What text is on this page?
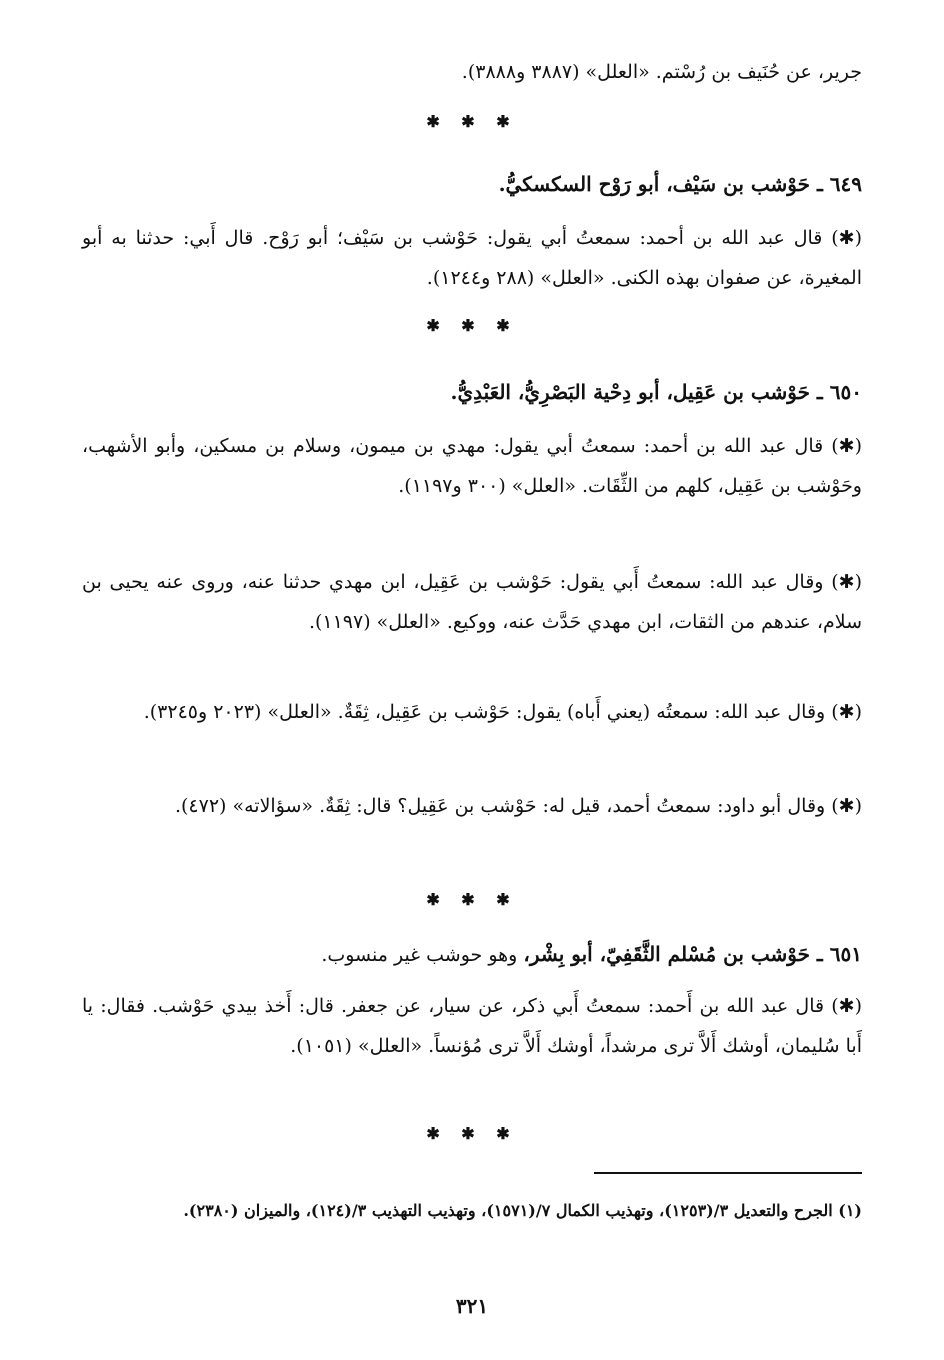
جرير، عن حُنَيف بن رُسْتم. «العلل» (٣٨٨٧ و٣٨٨٨).
✱ ✱ ✱
٦٤٩ ـ حَوْشب بن سَيْف، أبو رَوْح السكسكيُّ.
(✱) قال عبد الله بن أحمد: سمعتُ أبي يقول: حَوْشب بن سَيْف؛ أبو رَوْح. قال أَبي: حدثنا به أبو المغيرة، عن صفوان بهذه الكنى. «العلل» (٢٨٨ و١٢٤٤).
✱ ✱ ✱
٦٥٠ ـ حَوْشب بن عَقِيل، أبو دِحْية البَصْرِيُّ، العَبْدِيُّ.
(✱) قال عبد الله بن أحمد: سمعتُ أبي يقول: مهدي بن ميمون، وسلام بن مسكين، وأبو الأشهب، وحَوْشب بن عَقِيل، كلهم من الثِّقَات. «العلل» (٣٠٠ و١١٩٧).
(✱) وقال عبد الله: سمعتُ أَبي يقول: حَوْشب بن عَقِيل، ابن مهدي حدثنا عنه، وروى عنه يحيى بن سلام، عندهم من الثقات، ابن مهدي حَدَّث عنه، ووكيع. «العلل» (١١٩٧).
(✱) وقال عبد الله: سمعتُه (يعني أَباه) يقول: حَوْشب بن عَقِيل، ثِقَةٌ. «العلل» (٢٠٢٣ و٣٢٤٥).
(✱) وقال أبو داود: سمعتُ أحمد، قيل له: حَوْشب بن عَقِيل؟ قال: ثِقَةٌ. «سؤالاته» (٤٧٢).
✱ ✱ ✱
٦٥١ ـ حَوْشب بن مُسْلم الثَّقَفِيّ، أبو بِشْر، وهو حوشب غير منسوب.
(✱) قال عبد الله بن أَحمد: سمعتُ أَبي ذكر، عن سيار، عن جعفر. قال: أَخذ بيدي حَوْشب. فقال: يا أَبا سُليمان، أوشك أَلاَّ ترى مرشداً، أوشك أَلاَّ ترى مُؤنساً. «العلل» (١٠٥١).
✱ ✱ ✱
(١) الجرح والتعديل ٣/(١٢٥٣)، وتهذيب الكمال ٧/(١٥٧١)، وتهذيب التهذيب ٣/(١٢٤)، والميزان (٢٣٨٠).
٣٢١
